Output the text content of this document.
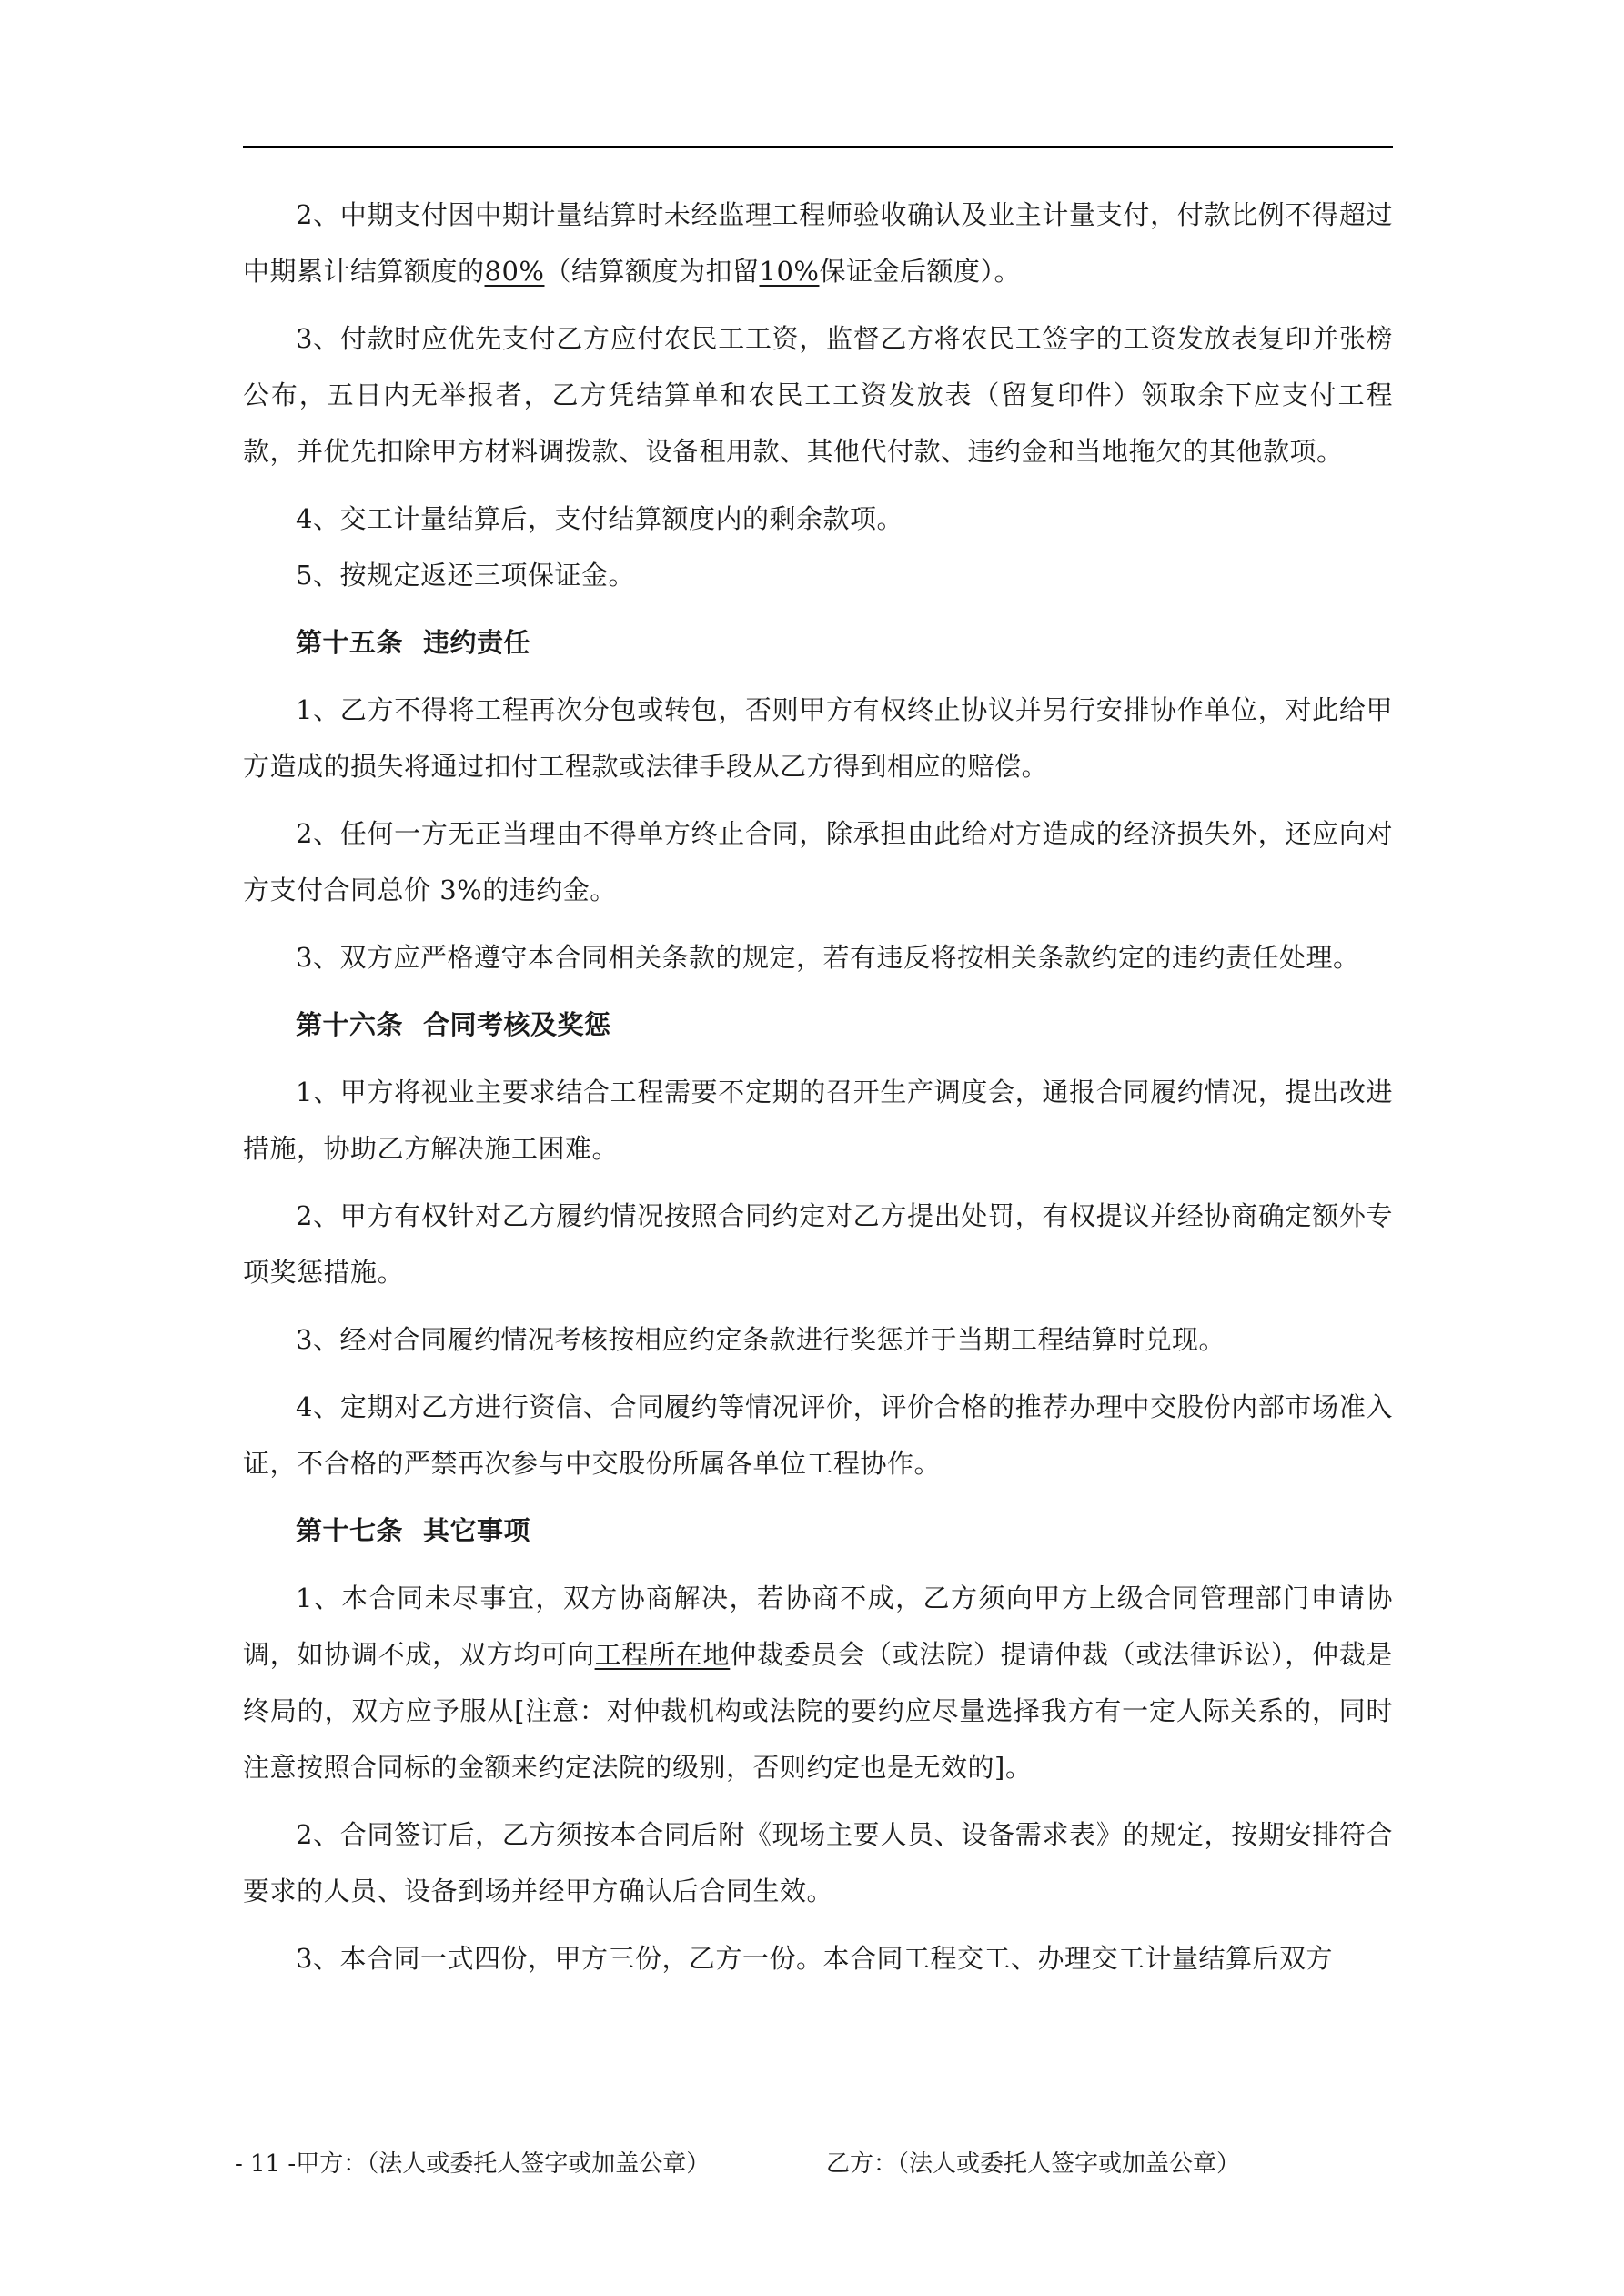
2、中期支付因中期计量结算时未经监理工程师验收确认及业主计量支付，付款比例不得超过中期累计结算额度的80%（结算额度为扣留10%保证金后额度）。

3、付款时应优先支付乙方应付农民工工资，监督乙方将农民工签字的工资发放表复印并张榜公布，五日内无举报者，乙方凭结算单和农民工工资发放表（留复印件）领取余下应支付工程款，并优先扣除甲方材料调拨款、设备租用款、其他代付款、违约金和当地拖欠的其他款项。

4、交工计量结算后，支付结算额度内的剩余款项。

5、按规定返还三项保证金。

第十五条 违约责任

1、乙方不得将工程再次分包或转包，否则甲方有权终止协议并另行安排协作单位，对此给甲方造成的损失将通过扣付工程款或法律手段从乙方得到相应的赔偿。

2、任何一方无正当理由不得单方终止合同，除承担由此给对方造成的经济损失外，还应向对方支付合同总价 3%的违约金。

3、双方应严格遵守本合同相关条款的规定，若有违反将按相关条款约定的违约责任处理。

第十六条 合同考核及奖惩

1、甲方将视业主要求结合工程需要不定期的召开生产调度会，通报合同履约情况，提出改进措施，协助乙方解决施工困难。

2、甲方有权针对乙方履约情况按照合同约定对乙方提出处罚，有权提议并经协商确定额外专项奖惩措施。

3、经对合同履约情况考核按相应约定条款进行奖惩并于当期工程结算时兑现。

4、定期对乙方进行资信、合同履约等情况评价，评价合格的推荐办理中交股份内部市场准入证，不合格的严禁再次参与中交股份所属各单位工程协作。

第十七条 其它事项

1、本合同未尽事宜，双方协商解决，若协商不成，乙方须向甲方上级合同管理部门申请协调，如协调不成，双方均可向工程所在地仲裁委员会（或法院）提请仲裁（或法律诉讼），仲裁是终局的，双方应予服从[注意：对仲裁机构或法院的要约应尽量选择我方有一定人际关系的，同时注意按照合同标的金额来约定法院的级别，否则约定也是无效的]。

2、合同签订后，乙方须按本合同后附《现场主要人员、设备需求表》的规定，按期安排符合要求的人员、设备到场并经甲方确认后合同生效。

3、本合同一式四份，甲方三份，乙方一份。本合同工程交工、办理交工计量结算后双方

- 11 -甲方：（法人或委托人签字或加盖公章）	乙方：（法人或委托人签字或加盖公章）
